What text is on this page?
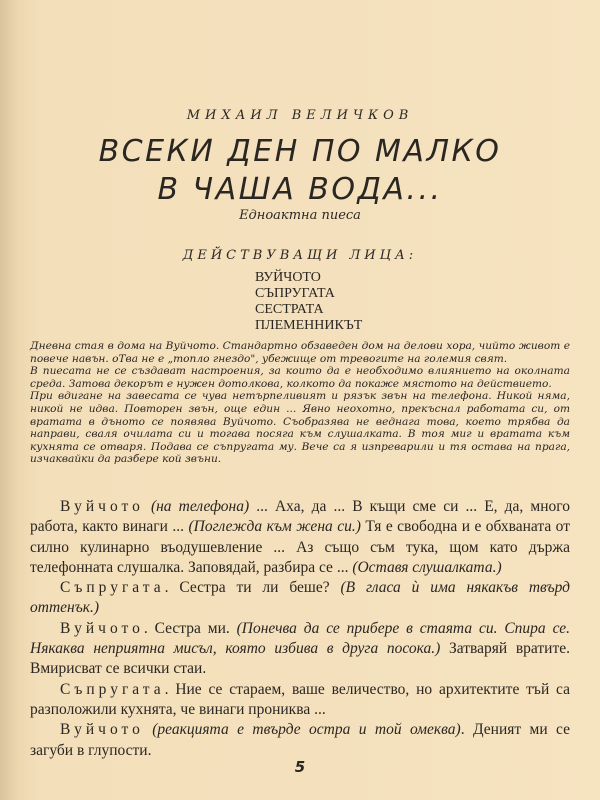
МИХАИЛ ВЕЛИЧКОВ
ВСЕКИ ДЕН ПО МАЛКО
В ЧАША ВОДА...
Едноактна пиеса
ДЕЙСТВУВАЩИ ЛИЦА:
ВУЙЧОТО
СЪПРУГАТА
СЕСТРАТА
ПЛЕМЕННИКЪТ

Дневна стая в дома на Вуйчото. Стандартно обзаведен дом на делови хора, чийто живот е повече навън. оТва не е „топло гнездо", убежище от тревогите на големия свят.

В пиесата не се създават настроения, за които да е необходимо влиянието на околната среда. Затова декорът е нужен дотолкова, колкото да покаже мястото на действието.

При вдигане на завесата се чува нетърпеливият и рязък звън на телефона. Никой няма, никой не идва. Повторен звън, още един ... Явно неохотно, прекъснал работата си, от вратата в дъното се появява Вуйчото. Съобразява не веднага това, което трябва да направи, сваля очилата си и тогава посяга към слушалката. В тоя миг и вратата към кухнята се отваря. Подава се съпругата му. Вече са я изпреварили и тя остава на прага, изчаквайки да разбере кой звъни.

Вуйчото (на телефона) ... Аха, да ... В къщи сме си ... Е, да, много работа, както винаги ... (Поглежда към жена си.) Тя е свободна и е обхваната от силно кулинарно въодушевление ... Аз също съм тука, щом като държа телефонната слушалка. Заповядай, разбира се ... (Оставя слушалката.)

Съпругата. Сестра ти ли беше? (В гласа ѝ има някакъв твърд оттенък.)

Вуйчото. Сестра ми. (Понечва да се прибере в стаята си. Спира се. Някаква неприятна мисъл, която избива в друга посока.) Затваряй вратите. Вмирисват се всички стаи.

Съпругата. Ние се стараем, ваше величество, но архитектите тъй са разположили кухнята, че винаги прониква ...

Вуйчото (реакцията е твърде остра и той омеква). Деният ми се загуби в глупости.

5
